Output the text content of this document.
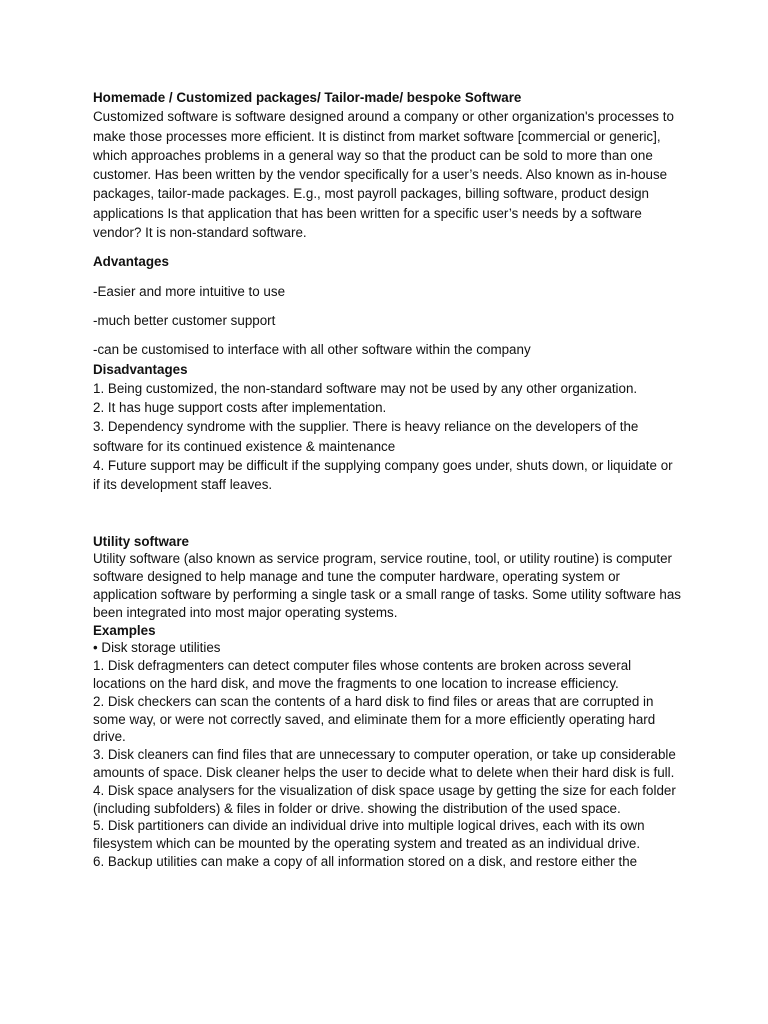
Homemade / Customized packages/ Tailor-made/ bespoke Software

Customized software is software designed around a company or other organization's processes to make those processes more efficient. It is distinct from market software [commercial or generic], which approaches problems in a general way so that the product can be sold to more than one customer. Has been written by the vendor specifically for a user’s needs. Also known as in-house packages, tailor-made packages. E.g., most payroll packages, billing software, product design applications Is that application that has been written for a specific user’s needs by a software vendor? It is non-standard software.

Advantages

-Easier and more intuitive to use

-much better customer support

-can be customised to interface with all other software within the company

Disadvantages

1. Being customized, the non-standard software may not be used by any other organization.

2. It has huge support costs after implementation.

3. Dependency syndrome with the supplier. There is heavy reliance on the developers of the software for its continued existence & maintenance

4. Future support may be difficult if the supplying company goes under, shuts down, or liquidate or if its development staff leaves.

Utility software

Utility software (also known as service program, service routine, tool, or utility routine) is computer software designed to help manage and tune the computer hardware, operating system or application software by performing a single task or a small range of tasks. Some utility software has been integrated into most major operating systems.

Examples

• Disk storage utilities

1. Disk defragmenters can detect computer files whose contents are broken across several locations on the hard disk, and move the fragments to one location to increase efficiency.

2. Disk checkers can scan the contents of a hard disk to find files or areas that are corrupted in some way, or were not correctly saved, and eliminate them for a more efficiently operating hard drive.

3. Disk cleaners can find files that are unnecessary to computer operation, or take up considerable amounts of space. Disk cleaner helps the user to decide what to delete when their hard disk is full.

4. Disk space analysers for the visualization of disk space usage by getting the size for each folder (including subfolders) & files in folder or drive. showing the distribution of the used space.

5. Disk partitioners can divide an individual drive into multiple logical drives, each with its own filesystem which can be mounted by the operating system and treated as an individual drive.

6. Backup utilities can make a copy of all information stored on a disk, and restore either the
